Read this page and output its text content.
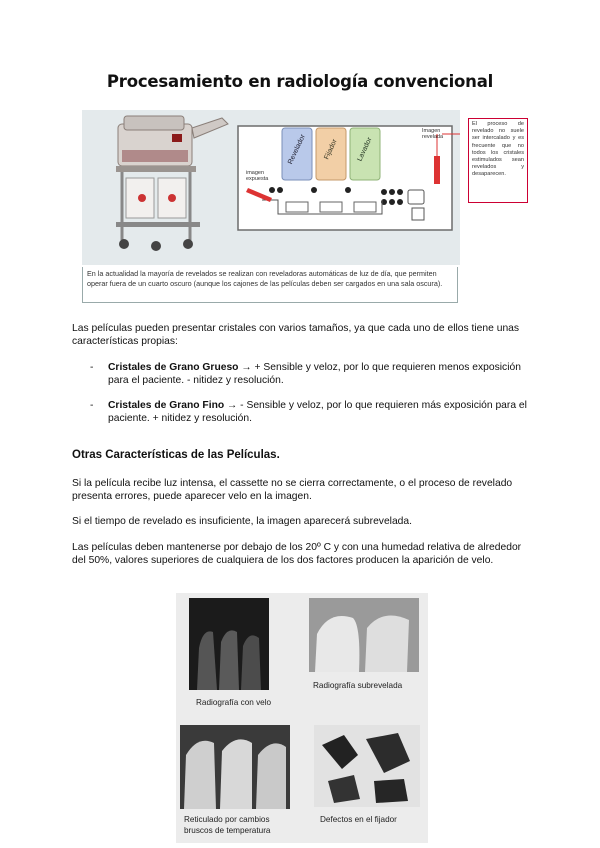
Procesamiento en radiología convencional
Revelador	Fijador	Lavador
imagen expuesta
Imagen revelada
En la actualidad la mayoría de revelados se realizan con reveladoras automáticas de luz de día, que permiten operar fuera de un cuarto oscuro (aunque los cajones de las películas deben ser cargados en una sala oscura).
El proceso de revelado no suele ser intercalado y es frecuente que no todos los cristales estimulados sean revelados y desaparecen.
Las películas pueden presentar cristales con varios tamaños, ya que cada uno de ellos tiene unas características propias:
- Cristales de Grano Grueso → + Sensible y veloz, por lo que requieren menos exposición para el paciente. - nitidez y resolución.
- Cristales de Grano Fino → - Sensible y veloz, por lo que requieren más exposición para el paciente. + nitidez y resolución.
Otras Características de las Películas.
Si la película recibe luz intensa, el cassette no se cierra correctamente, o el proceso de revelado presenta errores, puede aparecer velo en la imagen.
Si el tiempo de revelado es insuficiente, la imagen aparecerá subrevelada.
Las películas deben mantenerse por debajo de los 20º C y con una humedad relativa de alrededor del 50%, valores superiores de cualquiera de los dos factores producen la aparición de velo.
Radiografía con velo
Radiografía subrevelada
Reticulado por cambios bruscos de temperatura
Defectos en el fijador
